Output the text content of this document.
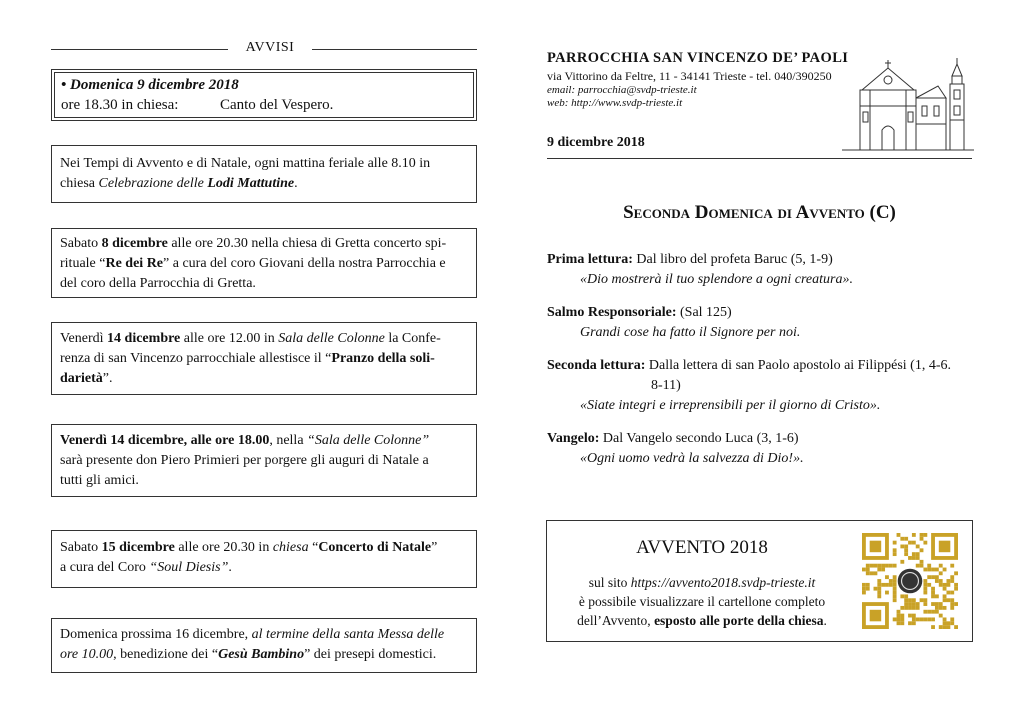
AVVISI
• Domenica 9 dicembre 2018
ore 18.30 in chiesa:	Canto del Vespero.
Nei Tempi di Avvento e di Natale, ogni mattina feriale alle 8.10 in
chiesa Celebrazione delle Lodi Mattutine.
Sabato 8 dicembre alle ore 20.30 nella chiesa di Gretta concerto spi-
rituale “Re dei Re” a cura del coro Giovani della nostra Parrocchia e
del coro della Parrocchia di Gretta.
Venerdì 14 dicembre alle ore 12.00 in Sala delle Colonne la Confe-
renza di san Vincenzo parrocchiale allestisce il “Pranzo della soli-
darietà”.
Venerdì 14 dicembre, alle ore 18.00, nella “Sala delle Colonne”
sarà presente don Piero Primieri per porgere gli auguri di Natale a
tutti gli amici.
Sabato 15 dicembre alle ore 20.30 in chiesa “Concerto di Natale”
a cura del Coro “Soul Diesis”.
Domenica prossima 16 dicembre, al termine della santa Messa delle
ore 10.00, benedizione dei “Gesù Bambino” dei presepi domestici.
PARROCCHIA SAN VINCENZO DE’ PAOLI
via Vittorino da Feltre, 11 - 34141 Trieste - tel. 040/390250
email: parrocchia@svdp-trieste.it
web: http://www.svdp-trieste.it
9 dicembre 2018
Seconda Domenica di Avvento (C)
Prima lettura: Dal libro del profeta Baruc (5, 1-9)
«Dio mostrerà il tuo splendore a ogni creatura».
Salmo Responsoriale: (Sal 125)
Grandi cose ha fatto il Signore per noi.
Seconda lettura: Dalla lettera di san Paolo apostolo ai Filippési (1, 4-6.
8-11)
«Siate integri e irreprensibili per il giorno di Cristo».
Vangelo: Dal Vangelo secondo Luca (3, 1-6)
«Ogni uomo vedrà la salvezza di Dio!».
AVVENTO 2018
sul sito https://avvento2018.svdp-trieste.it
è possibile visualizzare il cartellone completo
dell’Avvento, esposto alle porte della chiesa.
